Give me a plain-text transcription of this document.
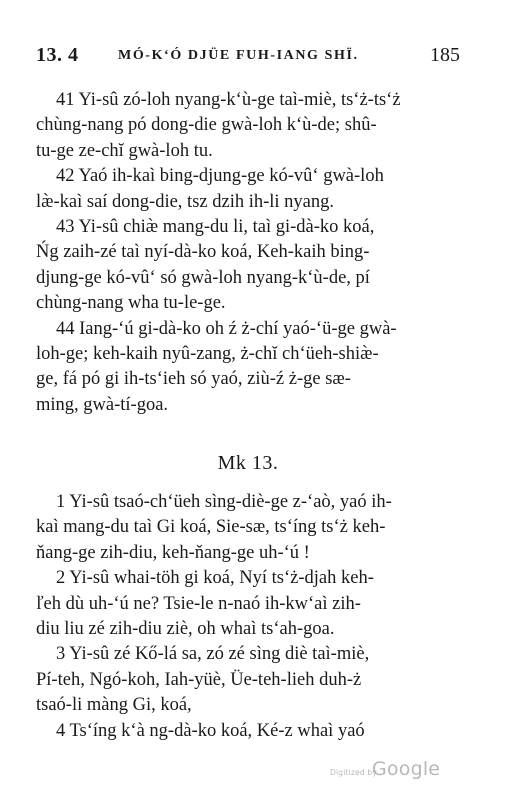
13. 4	MÓ-K‘Ó DJÜE FUH-IANG SHÏ.	185

41 Yi-sû zó-loh nyang-k‘ù-ge taì-miè, ts‘ż-ts‘ż
chùng-nang pó dong-die gwà-loh k‘ù-de; shû-
tu-ge ze-chĭ gwà-loh tu.

42 Yaó ih-kaì bing-djung-ge kó-vû‘ gwà-loh
læ̀-kaì saí dong-die, tsz dzih ih-li nyang.

43 Yi-sû chiæ̀ mang-du li, taì gi-dà-ko koá,
Ńg zaih-zé taì nyí-dà-ko koá, Keh-kaih bing-
djung-ge kó-vû‘ só gwà-loh nyang-k‘ù-de, pí
chùng-nang wha tu-le-ge.

44 Iang-‘ú gi-dà-ko oh ź ż-chí yaó-‘ü-ge gwà-
loh-ge; keh-kaih nyû-zang, ż-chĭ ch‘üeh-shiæ̀-
ge, fá pó gi ih-ts‘ieh só yaó, ziù-ź ż-ge sæ-
ming, gwà-tí-goa.

Mk 13.

1 Yi-sû tsaó-ch‘üeh sìng-diè-ge z-‘aò, yaó ih-
kaì mang-du taì Gi koá, Sie-sæ, ts‘íng ts‘ż keh-
ňang-ge zih-diu, keh-ňang-ge uh-‘ú !

2 Yi-sû whai-töh gi koá, Nyí ts‘ż-djah keh-
ľeh dù uh-‘ú ne? Tsie-le n-naó ih-kw‘aì zih-
diu liu zé zih-diu ziè, oh whaì ts‘ah-goa.

3 Yi-sû zé Kő-lá sa, zó zé sìng diè taì-miè,
Pí-teh, Ngó-koh, Iah-yüè, Üe-teh-lieh duh-ż
tsaó-li màng Gi, koá,

4 Ts‘íng k‘à ng-dà-ko koá, Ké-z whaì yaó

Digitized by
Google
